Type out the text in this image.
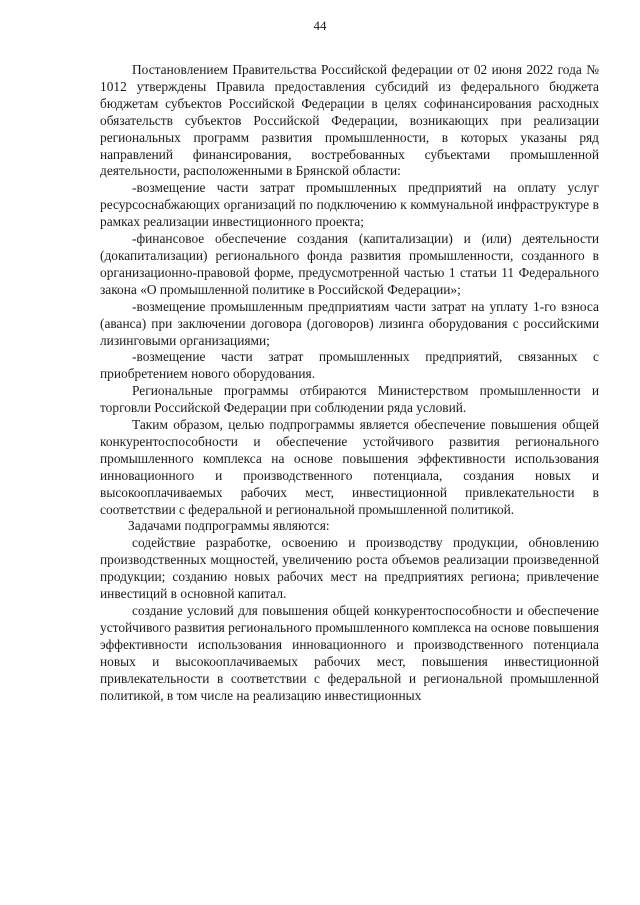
44

Постановлением Правительства Российской федерации от 02 июня 2022 года № 1012 утверждены Правила предоставления субсидий из федерального бюджета бюджетам субъектов Российской Федерации в целях софинансирования расходных обязательств субъектов Российской Федерации, возникающих при реализации региональных программ развития промышленности, в которых указаны ряд направлений финансирования, востребованных субъектами промышленной деятельности, расположенными в Брянской области:

-возмещение части затрат промышленных предприятий на оплату услуг ресурсоснабжающих организаций по подключению к коммунальной инфраструктуре в рамках реализации инвестиционного проекта;

-финансовое обеспечение создания (капитализации) и (или) деятельности (докапитализации) регионального фонда развития промышленности, созданного в организационно-правовой форме, предусмотренной частью 1 статьи 11 Федерального закона «О промышленной политике в Российской Федерации»;

-возмещение промышленным предприятиям части затрат на уплату 1-го взноса (аванса) при заключении договора (договоров) лизинга оборудования с российскими лизинговыми организациями;

-возмещение части затрат промышленных предприятий, связанных с приобретением нового оборудования.

Региональные программы отбираются Министерством промышленности и торговли Российской Федерации при соблюдении ряда условий.

Таким образом, целью подпрограммы является обеспечение повышения общей конкурентоспособности и обеспечение устойчивого развития регионального промышленного комплекса на основе повышения эффективности использования инновационного и производственного потенциала, создания новых и высокооплачиваемых рабочих мест, инвестиционной привлекательности в соответствии с федеральной и региональной промышленной политикой.

Задачами подпрограммы являются:

содействие разработке, освоению и производству продукции, обновлению производственных мощностей, увеличению роста объемов реализации произведенной продукции; созданию новых рабочих мест на предприятиях региона; привлечение инвестиций в основной капитал.

создание условий для повышения общей конкурентоспособности и обеспечение устойчивого развития регионального промышленного комплекса на основе повышения эффективности использования инновационного и производственного потенциала новых и высокооплачиваемых рабочих мест, повышения инвестиционной привлекательности в соответствии с федеральной и региональной промышленной политикой, в том числе на реализацию инвестиционных
